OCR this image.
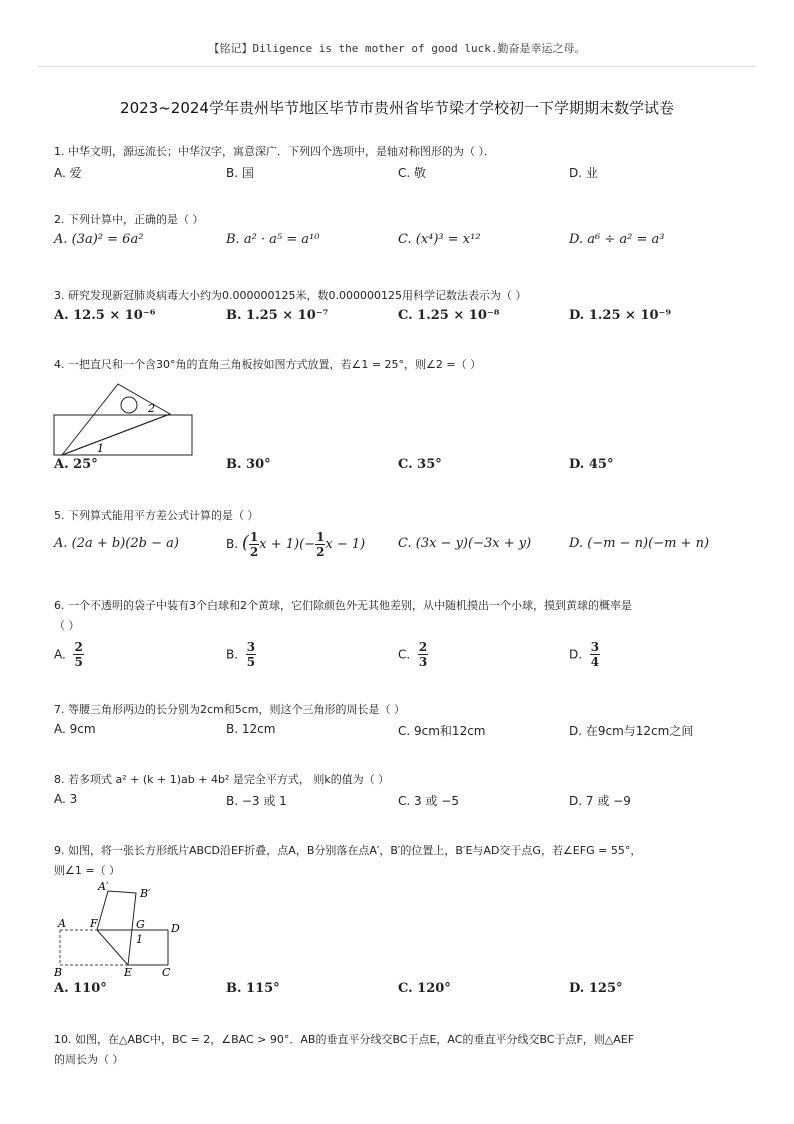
【铭记】Diligence is the mother of good luck.勤奋是幸运之母。
2023~2024学年贵州毕节地区毕节市贵州省毕节梁才学校初一下学期期末数学试卷
1. 中华文明，源远流长；中华汉字，寓意深广．下列四个选项中，是轴对称图形的为（ ）．
A. 爱	B. 国	C. 敬	D. 业
2. 下列计算中，正确的是（ ）
A. (3a)² = 6a²	B. a² · a⁵ = a¹⁰	C. (x⁴)³ = x¹²	D. a⁶ ÷ a² = a³
3. 研究发现新冠肺炎病毒大小约为0.000000125米，数0.000000125用科学记数法表示为（ ）
A. 12.5 × 10⁻⁶	B. 1.25 × 10⁻⁷	C. 1.25 × 10⁻⁸	D. 1.25 × 10⁻⁹
4. 一把直尺和一个含30°角的直角三角板按如图方式放置，若∠1 = 25°，则∠2 =（ ）
2
1
A. 25°	B. 30°	C. 35°	D. 45°
5. 下列算式能用平方差公式计算的是（ ）
A. (2a + b)(2b − a)	B. ( $\frac{1}{2}$ $x + 1)(- \frac{1}{2}$ x − 1)	C. (3x − y)(−3x + y)	D. (−m − n)(−m + n)
6. 一个不透明的袋子中装有3个白球和2个黄球，它们除颜色外无其他差别，从中随机摸出一个小球，摸到黄球的概率是
（ ）
A. $\frac{2}{5}$	B. $\frac{3}{5}$	C. $\frac{2}{3}$	D. $\frac{3}{4}$
7. 等腰三角形两边的长分别为2cm和5cm，则这个三角形的周长是（ ）
A. 9cm	B. 12cm	C. 9cm和12cm	D. 在9cm与12cm之间
8. 若多项式 a² + (k + 1)ab + 4b² 是完全平方式， 则k的值为（ ）
A. 3	B. −3 或 1	C. 3 或 −5	D. 7 或 −9
9. 如图，将一张长方形纸片ABCD沿EF折叠，点A，B分别落在点A′，B′的位置上，B′E与AD交于点G，若∠EFG = 55°，
则∠1 =（ ）
A′
B′
A F	G D
1
B	E	C
A. 110°	B. 115°	C. 120°	D. 125°
10. 如图，在△ABC中，BC = 2，∠BAC > 90°．AB的垂直平分线交BC于点E，AC的垂直平分线交BC于点F，则△AEF
的周长为（ ）
